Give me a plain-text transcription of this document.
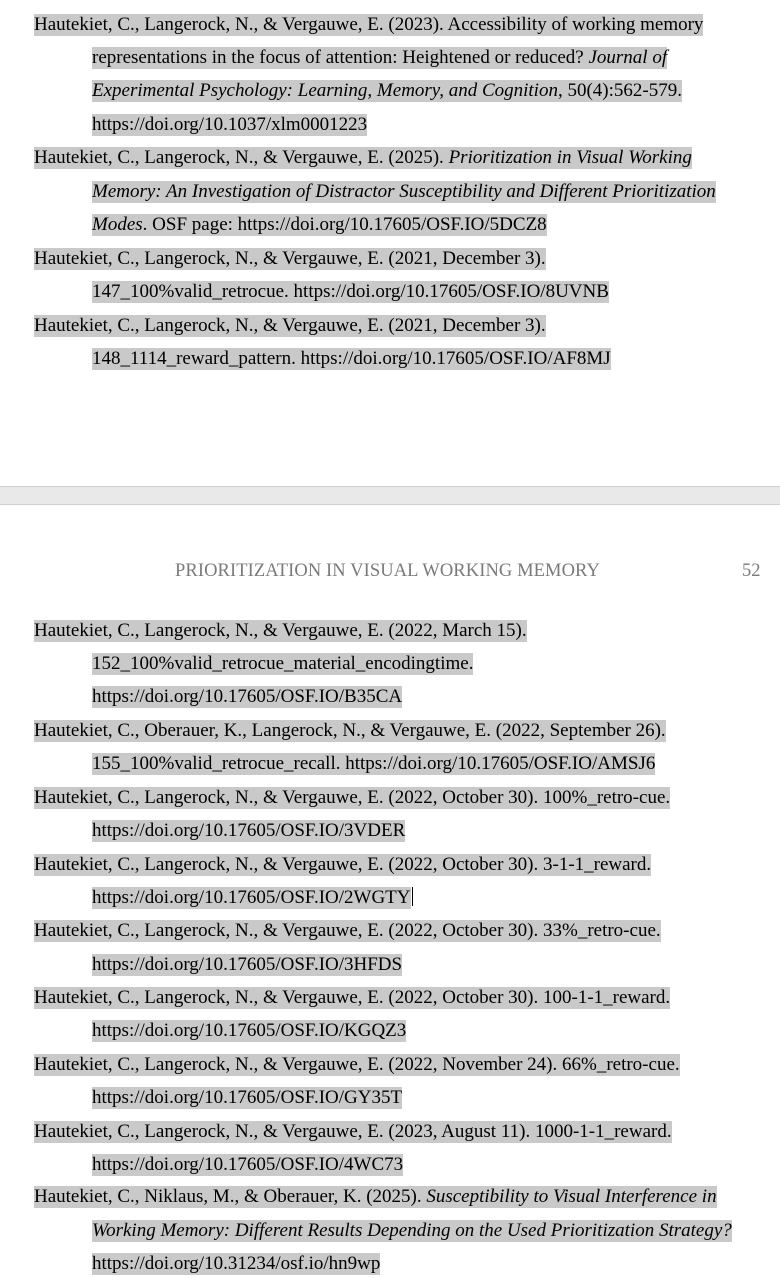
Hautekiet, C., Langerock, N., & Vergauwe, E. (2023). Accessibility of working memory
representations in the focus of attention: Heightened or reduced? Journal of
Experimental Psychology: Learning, Memory, and Cognition, 50(4):562-579.
https://doi.org/10.1037/xlm0001223
Hautekiet, C., Langerock, N., & Vergauwe, E. (2025). Prioritization in Visual Working
Memory: An Investigation of Distractor Susceptibility and Different Prioritization
Modes. OSF page: https://doi.org/10.17605/OSF.IO/5DCZ8
Hautekiet, C., Langerock, N., & Vergauwe, E. (2021, December 3).
147_100%valid_retrocue. https://doi.org/10.17605/OSF.IO/8UVNB
Hautekiet, C., Langerock, N., & Vergauwe, E. (2021, December 3).
148_1114_reward_pattern. https://doi.org/10.17605/OSF.IO/AF8MJ
PRIORITIZATION IN VISUAL WORKING MEMORY	52
Hautekiet, C., Langerock, N., & Vergauwe, E. (2022, March 15).
152_100%valid_retrocue_material_encodingtime.
https://doi.org/10.17605/OSF.IO/B35CA
Hautekiet, C., Oberauer, K., Langerock, N., & Vergauwe, E. (2022, September 26).
155_100%valid_retrocue_recall. https://doi.org/10.17605/OSF.IO/AMSJ6
Hautekiet, C., Langerock, N., & Vergauwe, E. (2022, October 30). 100%_retro-cue.
https://doi.org/10.17605/OSF.IO/3VDER
Hautekiet, C., Langerock, N., & Vergauwe, E. (2022, October 30). 3-1-1_reward.
https://doi.org/10.17605/OSF.IO/2WGTY
Hautekiet, C., Langerock, N., & Vergauwe, E. (2022, October 30). 33%_retro-cue.
https://doi.org/10.17605/OSF.IO/3HFDS
Hautekiet, C., Langerock, N., & Vergauwe, E. (2022, October 30). 100-1-1_reward.
https://doi.org/10.17605/OSF.IO/KGQZ3
Hautekiet, C., Langerock, N., & Vergauwe, E. (2022, November 24). 66%_retro-cue.
https://doi.org/10.17605/OSF.IO/GY35T
Hautekiet, C., Langerock, N., & Vergauwe, E. (2023, August 11). 1000-1-1_reward.
https://doi.org/10.17605/OSF.IO/4WC73
Hautekiet, C., Niklaus, M., & Oberauer, K. (2025). Susceptibility to Visual Interference in
Working Memory: Different Results Depending on the Used Prioritization Strategy?
https://doi.org/10.31234/osf.io/hn9wp
